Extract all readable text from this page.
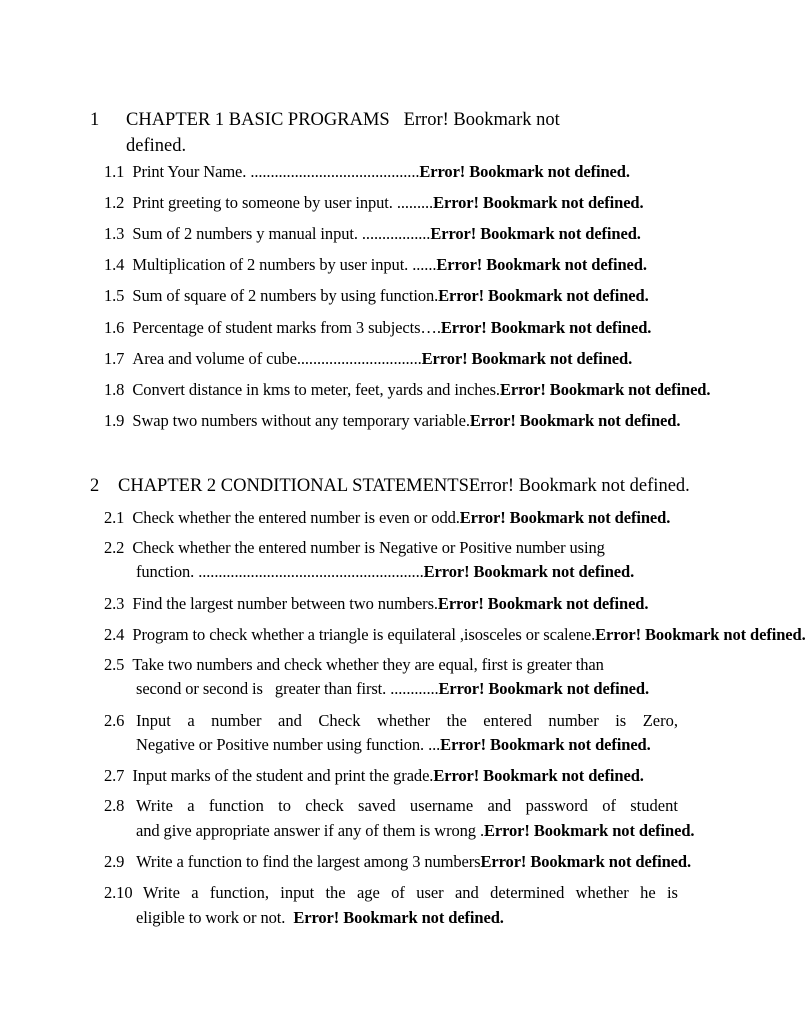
1 CHAPTER 1 BASIC PROGRAMS Error! Bookmark not
defined.
1.1 Print Your Name. ..........................................Error! Bookmark not defined.
1.2 Print greeting to someone by user input. .........Error! Bookmark not defined.
1.3 Sum of 2 numbers y manual input. .................Error! Bookmark not defined.
1.4 Multiplication of 2 numbers by user input. ......Error! Bookmark not defined.
1.5 Sum of square of 2 numbers by using function.Error! Bookmark not defined.
1.6 Percentage of student marks from 3 subjects….Error! Bookmark not defined.
1.7 Area and volume of cube...............................Error! Bookmark not defined.
1.8 Convert distance in kms to meter, feet, yards and inches.Error! Bookmark not defined.
1.9 Swap two numbers without any temporary variable.Error! Bookmark not defined.
2 CHAPTER 2 CONDITIONAL STATEMENTSError! Bookmark not defined.
2.1 Check whether the entered number is even or odd.Error! Bookmark not defined.
2.2 Check whether the entered number is Negative or Positive number using
function. ........................................................Error! Bookmark not defined.
2.3 Find the largest number between two numbers.Error! Bookmark not defined.
2.4 Program to check whether a triangle is equilateral ,isosceles or scalene.Error! Bookmark not defined.
2.5 Take two numbers and check whether they are equal, first is greater than
second or second is   greater than first. ............Error! Bookmark not defined.
2.6 Input a number and Check whether the entered number is Zero,
Negative or Positive number using function. ...Error! Bookmark not defined.
2.7 Input marks of the student and print the grade.Error! Bookmark not defined.
2.8 Write a function to check saved username and password of student
and give appropriate answer if any of them is wrong .Error! Bookmark not defined.
2.9   Write a function to find the largest among 3 numbersError! Bookmark not defined.
2.10 Write a function, input the age of user and determined whether he is
eligible to work or not.  Error! Bookmark not defined.
